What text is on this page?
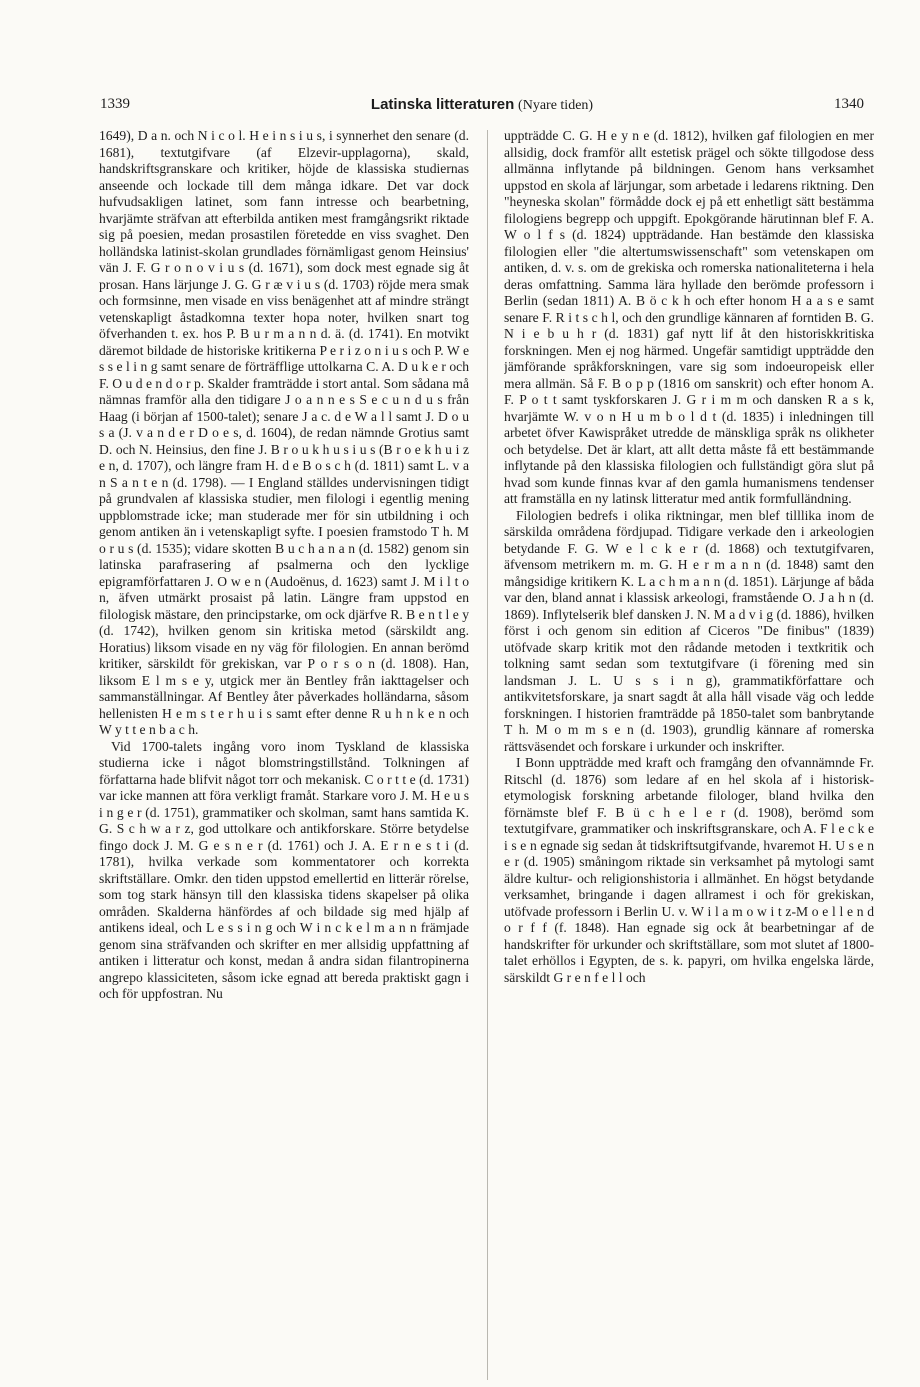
1339	Latinska litteraturen (Nyare tiden)	1340

1649), D a n. och N i c o l. H e i n s i u s, i synnerhet den senare (d. 1681), textutgifvare (af Elzevir-upplagorna), skald, handskriftsgranskare och kritiker, höjde de klassiska studiernas anseende och lockade till dem många idkare. Det var dock hufvudsakligen latinet, som fann intresse och bearbetning, hvarjämte sträfvan att efterbilda antiken mest framgångsrikt riktade sig på poesien, medan prosastilen företedde en viss svaghet. Den holländska latinist-skolan grundlades förnämligast genom Heinsius' vän J. F. G r o n o v i u s (d. 1671), som dock mest egnade sig åt prosan. Hans lärjunge J. G. G r æ v i u s (d. 1703) röjde mera smak och formsinne, men visade en viss benägenhet att af mindre strängt vetenskapligt åstadkomna texter hopa noter, hvilken snart tog öfverhanden t. ex. hos P. B u r m a n n d. ä. (d. 1741). En motvikt däremot bildade de historiske kritikerna P e r i z o n i u s och P. W e s s e l i n g samt senare de förträfflige uttolkarna C. A. D u k e r och F. O u d e n d o r p. Skalder framträdde i stort antal. Som sådana må nämnas framför alla den tidigare J o a n n e s S e c u n d u s från Haag (i början af 1500-talet); senare J a c. d e W a l l samt J. D o u s a (J. v a n d e r D o e s, d. 1604), de redan nämnde Grotius samt D. och N. Heinsius, den fine J. B r o u k h u s i u s (B r o e k h u i z e n, d. 1707), och längre fram H. d e B o s c h (d. 1811) samt L. v a n S a n t e n (d. 1798). — I England ställdes undervisningen tidigt på grundvalen af klassiska studier, men filologi i egentlig mening uppblomstrade icke; man studerade mer för sin utbildning i och genom antiken än i vetenskapligt syfte. I poesien framstodo T h. M o r u s (d. 1535); vidare skotten B u c h a n a n (d. 1582) genom sin latinska parafrasering af psalmerna och den lycklige epigramförfattaren J. O w e n (Audoënus, d. 1623) samt J. M i l t o n, äfven utmärkt prosaist på latin. Längre fram uppstod en filologisk mästare, den principstarke, om ock djärfve R. B e n t l e y (d. 1742), hvilken genom sin kritiska metod (särskildt ang. Horatius) liksom visade en ny väg för filologien. En annan berömd kritiker, särskildt för grekiskan, var P o r s o n (d. 1808). Han, liksom E l m s e y, utgick mer än Bentley från iakttagelser och sammanställningar. Af Bentley åter påverkades holländarna, såsom hellenisten H e m s t e r h u i s samt efter denne R u h n k e n och W y t t e n b a c h.

Vid 1700-talets ingång voro inom Tyskland de klassiska studierna icke i något blomstringstillstånd. Tolkningen af författarna hade blifvit något torr och mekanisk. C o r t t e (d. 1731) var icke mannen att föra verkligt framåt. Starkare voro J. M. H e u s i n g e r (d. 1751), grammatiker och skolman, samt hans samtida K. G. S c h w a r z, god uttolkare och antikforskare. Större betydelse fingo dock J. M. G e s n e r (d. 1761) och J. A. E r n e s t i (d. 1781), hvilka verkade som kommentatorer och korrekta skriftställare. Omkr. den tiden uppstod emellertid en litterär rörelse, som tog stark hänsyn till den klassiska tidens skapelser på olika områden. Skalderna hänfördes af och bildade sig med hjälp af antikens ideal, och L e s s i n g och W i n c k e l m a n n främjade genom sina sträfvanden och skrifter en mer allsidig uppfattning af antiken i litteratur och konst, medan å andra sidan filantropinerna angrepo klassiciteten, såsom icke egnad att bereda praktiskt gagn i och för uppfostran. Nu

uppträdde C. G. H e y n e (d. 1812), hvilken gaf filologien en mer allsidig, dock framför allt estetisk prägel och sökte tillgodose dess allmänna inflytande på bildningen. Genom hans verksamhet uppstod en skola af lärjungar, som arbetade i ledarens riktning. Den "heyneska skolan" förmådde dock ej på ett enhetligt sätt bestämma filologiens begrepp och uppgift. Epokgörande härutinnan blef F. A. W o l f s (d. 1824) uppträdande. Han bestämde den klassiska filologien eller "die altertumswissenschaft" som vetenskapen om antiken, d. v. s. om de grekiska och romerska nationaliteterna i hela deras omfattning. Samma lära hyllade den berömde professorn i Berlin (sedan 1811) A. B ö c k h och efter honom H a a s e samt senare F. R i t s c h l, och den grundlige kännaren af forntiden B. G. N i e b u h r (d. 1831) gaf nytt lif åt den historiskkritiska forskningen. Men ej nog härmed. Ungefär samtidigt uppträdde den jämförande språkforskningen, vare sig som indoeuropeisk eller mera allmän. Så F. B o p p (1816 om sanskrit) och efter honom A. F. P o t t samt tyskforskaren J. G r i m m och dansken R a s k, hvarjämte W. v o n H u m b o l d t (d. 1835) i inledningen till arbetet öfver Kawispråket utredde de mänskliga språk ns olikheter och betydelse. Det är klart, att allt detta måste få ett bestämmande inflytande på den klassiska filologien och fullständigt göra slut på hvad som kunde finnas kvar af den gamla humanismens tendenser att framställa en ny latinsk litteratur med antik formfulländning.

Filologien bedrefs i olika riktningar, men blef tilllika inom de särskilda områdena fördjupad. Tidigare verkade den i arkeologien betydande F. G. W e l c k e r (d. 1868) och textutgifvaren, äfvensom metrikern m. m. G. H e r m a n n (d. 1848) samt den mångsidige kritikern K. L a c h m a n n (d. 1851). Lärjunge af båda var den, bland annat i klassisk arkeologi, framstående O. J a h n (d. 1869). Inflytelserik blef dansken J. N. M a d v i g (d. 1886), hvilken först i och genom sin edition af Ciceros "De finibus" (1839) utöfvade skarp kritik mot den rådande metoden i textkritik och tolkning samt sedan som textutgifvare (i förening med sin landsman J. L. U s s i n g), grammatikförfattare och antikvitetsforskare, ja snart sagdt åt alla håll visade väg och ledde forskningen. I historien framträdde på 1850-talet som banbrytande T h. M o m m s e n (d. 1903), grundlig kännare af romerska rättsväsendet och forskare i urkunder och inskrifter.

I Bonn uppträdde med kraft och framgång den ofvannämnde Fr. Ritschl (d. 1876) som ledare af en hel skola af i historisk-etymologisk forskning arbetande filologer, bland hvilka den förnämste blef F. B ü c h e l e r (d. 1908), berömd som textutgifvare, grammatiker och inskriftsgranskare, och A. F l e c k e i s e n egnade sig sedan åt tidskriftsutgifvande, hvaremot H. U s e n e r (d. 1905) småningom riktade sin verksamhet på mytologi samt äldre kultur- och religionshistoria i allmänhet. En högst betydande verksamhet, bringande i dagen allramest i och för grekiskan, utöfvade professorn i Berlin U. v. W i l a m o w i t z-M o e l l e n d o r f f (f. 1848). Han egnade sig ock åt bearbetningar af de handskrifter för urkunder och skriftställare, som mot slutet af 1800-talet erhöllos i Egypten, de s. k. papyri, om hvilka engelska lärde, särskildt G r e n f e l l och
